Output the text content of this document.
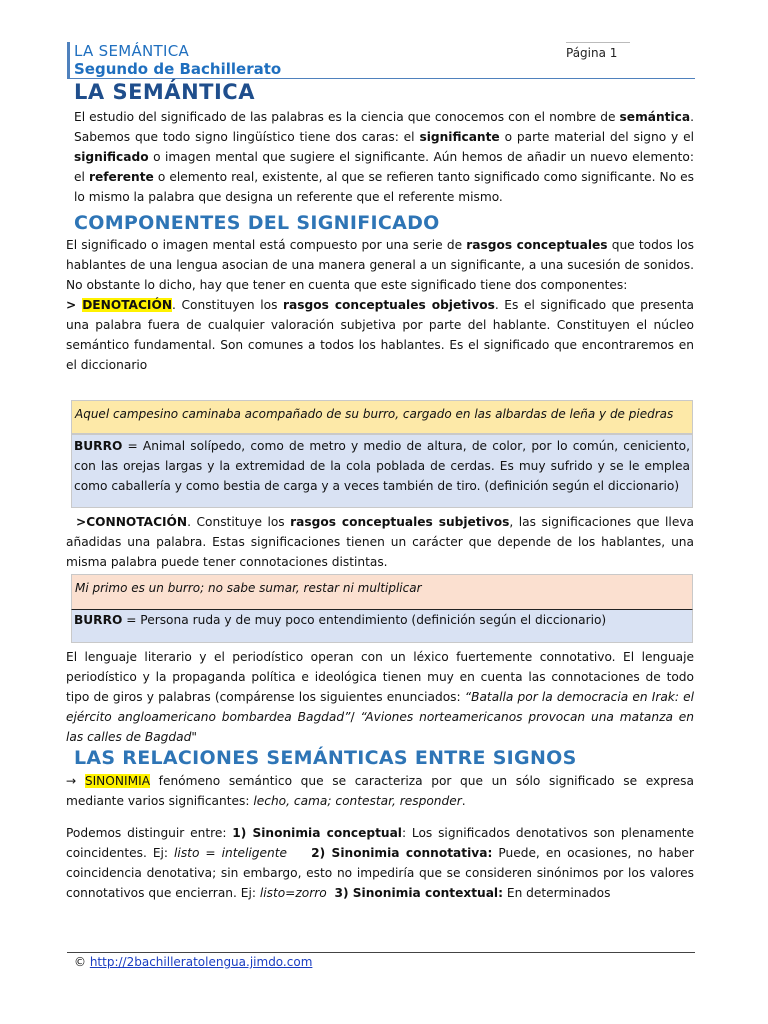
LA SEMÁNTICA
Segundo de Bachillerato
Página 1
LA SEMÁNTICA
El estudio del significado de las palabras es la ciencia que conocemos con el nombre de semántica. Sabemos que todo signo lingüístico tiene dos caras: el significante o parte material del signo y el significado o imagen mental que sugiere el significante. Aún hemos de añadir un nuevo elemento: el referente o elemento real, existente, al que se refieren tanto significado como significante. No es lo mismo la palabra que designa un referente que el referente mismo.
COMPONENTES DEL SIGNIFICADO
El significado o imagen mental está compuesto por una serie de rasgos conceptuales que todos los hablantes de una lengua asocian de una manera general a un significante, a una sucesión de sonidos. No obstante lo dicho, hay que tener en cuenta que este significado tiene dos componentes:
> DENOTACIÓN. Constituyen los rasgos conceptuales objetivos. Es el significado que presenta una palabra fuera de cualquier valoración subjetiva por parte del hablante. Constituyen el núcleo semántico fundamental. Son comunes a todos los hablantes. Es el significado que encontraremos en el diccionario
Aquel campesino caminaba acompañado de su burro, cargado en las albardas de leña y de piedras
BURRO = Animal solípedo, como de metro y medio de altura, de color, por lo común, ceniciento, con las orejas largas y la extremidad de la cola poblada de cerdas. Es muy sufrido y se le emplea como caballería y como bestia de carga y a veces también de tiro. (definición según el diccionario)
>CONNOTACIÓN. Constituye los rasgos conceptuales subjetivos, las significaciones que lleva añadidas una palabra. Estas significaciones tienen un carácter que depende de los hablantes, una misma palabra puede tener connotaciones distintas.
Mi primo es un burro; no sabe sumar, restar ni multiplicar
BURRO = Persona ruda y de muy poco entendimiento (definición según el diccionario)
El lenguaje literario y el periodístico operan con un léxico fuertemente connotativo. El lenguaje periodístico y la propaganda política e ideológica tienen muy en cuenta las connotaciones de todo tipo de giros y palabras (compárense los siguientes enunciados: “Batalla por la democracia en Irak: el ejército angloamericano bombardea Bagdad”/ “Aviones norteamericanos provocan una matanza en las calles de Bagdad"
LAS RELACIONES SEMÁNTICAS ENTRE SIGNOS
→ SINONIMIA fenómeno semántico que se caracteriza por que un sólo significado se expresa mediante varios significantes: lecho, cama; contestar, responder.
Podemos distinguir entre: 1) Sinonimia conceptual: Los significados denotativos son plenamente coincidentes. Ej: listo = inteligente 2) Sinonimia connotativa: Puede, en ocasiones, no haber coincidencia denotativa; sin embargo, esto no impediría que se consideren sinónimos por los valores connotativos que encierran. Ej: listo=zorro 3) Sinonimia contextual: En determinados
© http://2bachilleratolengua.jimdo.com
